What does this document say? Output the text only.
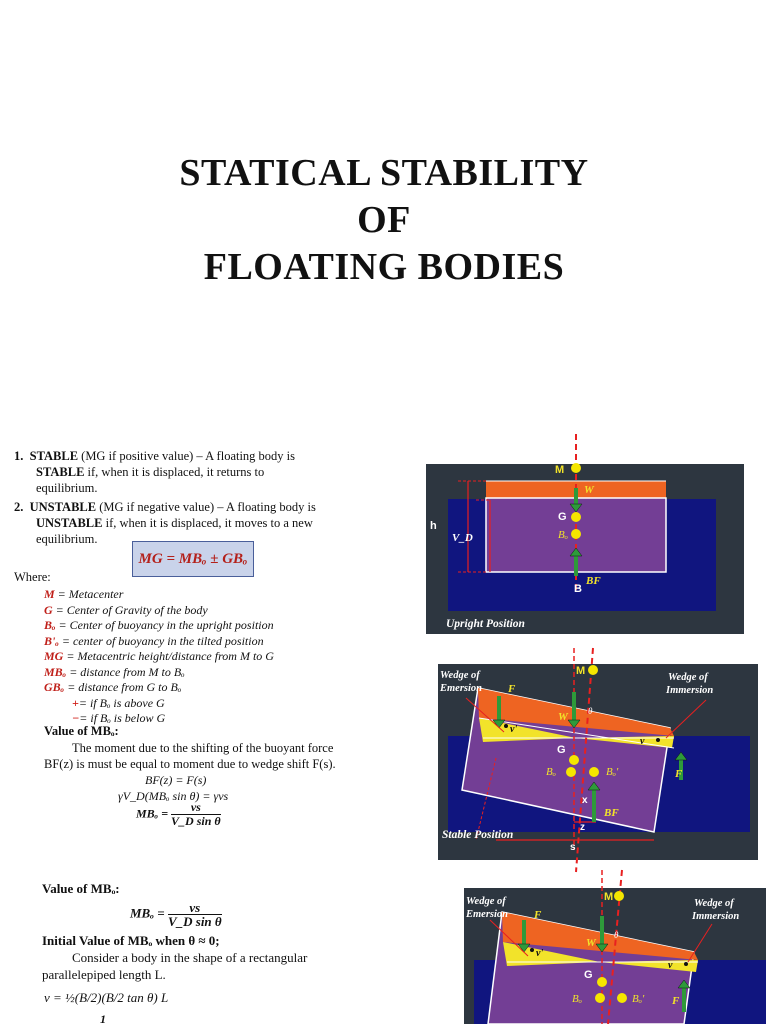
STATICAL STABILITY
OF
FLOATING BODIES
1. STABLE (MG if positive value) – A floating body is
STABLE if, when it is displaced, it returns to
equilibrium.
2. UNSTABLE (MG if negative value) – A floating body is
UNSTABLE if, when it is displaced, it moves to a new
equilibrium.
MG = MBₒ ± GBₒ
Where:
M = Metacenter
G = Center of Gravity of the body
Bₒ = Center of buoyancy in the upright position
B'ₒ = center of buoyancy in the tilted position
MG = Metacentric height/distance from M to G
MBₒ = distance from M to Bₒ
GBₒ = distance from G to Bₒ
+= if Bₒ is above G
−= if Bₒ is below G
Value of MBₒ:
The moment due to the shifting of the buoyant force
BF(z) is must be equal to moment due to wedge shift F(s).
BF(z) = F(s)
γV_D(MBₒ sin θ) = γvs
$MB_o = \frac{vs}{\text{V\_D sin θ}}$
Value of MBₒ:
$MB_o = \frac{vs}{\text{V\_D sin θ}}$
Initial Value of MBₒ when θ ≈ 0;
Consider a body in the shape of a rectangular
parallelepiped length L.
v = ½(B/2)(B/2 tan θ) L
1
M
W
G
Bₒ
B
BF
h
V_D
Upright Position
M
Wedge of Emersion
Wedge of Immersion
F
F
W θ
v'
v
G
Bₒ	Bₒ'
x
z
BF
s
Stable Position
M
Wedge of Emersion
Wedge of Immersion
F
F
W
θ
v'
v
G
Bₒ	Bₒ'
